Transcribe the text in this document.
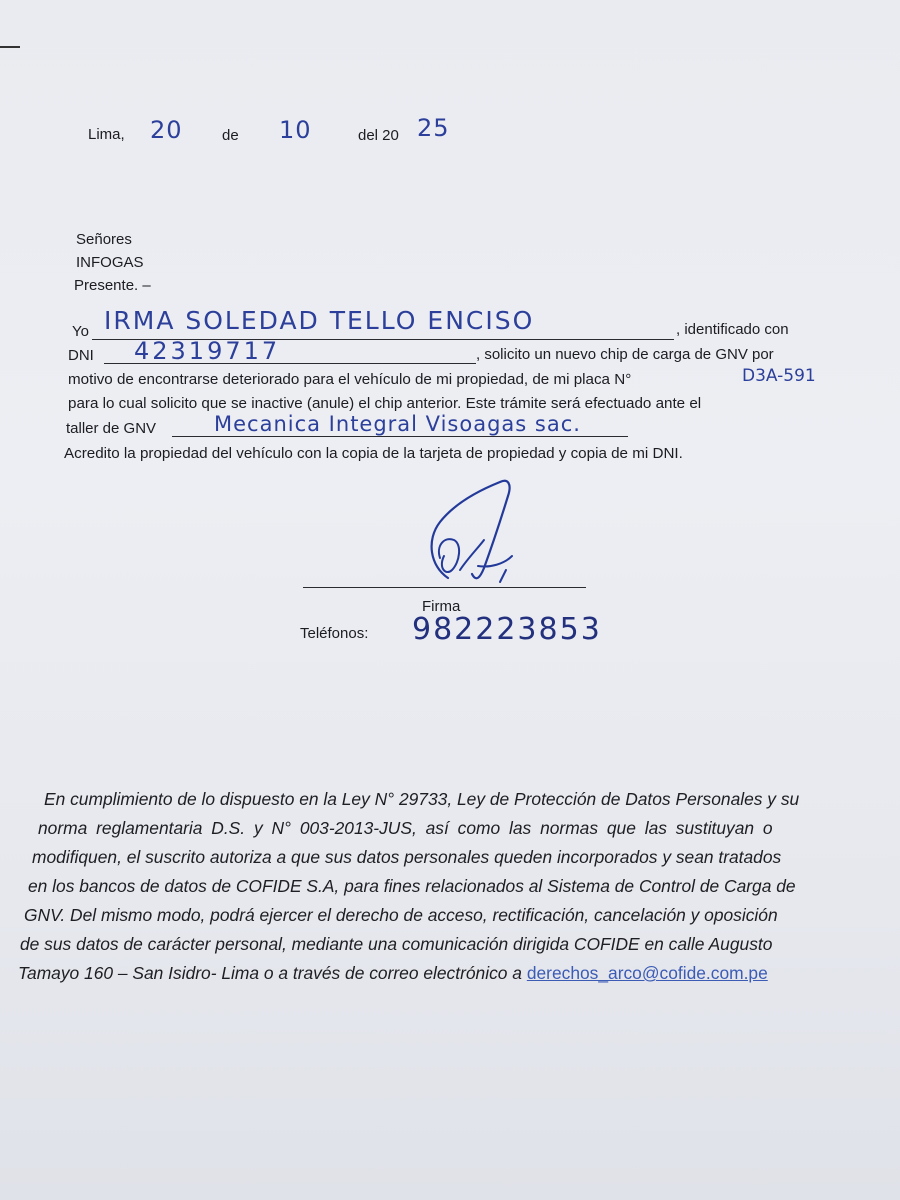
Lima, 20	de 10	del 20 25
Señores
INFOGAS
Presente. –
Yo IRMA SOLEDAD TELLO ENCISO	, identificado con
DNI 42319717	, solicito un nuevo chip de carga de GNV por
motivo de encontrarse deteriorado para el vehículo de mi propiedad, de mi placa N°	D3A-591
para lo cual solicito que se inactive (anule) el chip anterior. Este trámite será efectuado ante el
taller de GNV	Mecanica Integral Visoagas sac.
Acredito la propiedad del vehículo con la copia de la tarjeta de propiedad y copia de mi DNI.
Firma
Teléfonos: 982223853
En cumplimiento de lo dispuesto en la Ley N° 29733, Ley de Protección de Datos Personales y su
norma reglamentaria D.S. y N° 003-2013-JUS, así como las normas que las sustituyan o
modifiquen, el suscrito autoriza a que sus datos personales queden incorporados y sean tratados
en los bancos de datos de COFIDE S.A, para fines relacionados al Sistema de Control de Carga de
GNV. Del mismo modo, podrá ejercer el derecho de acceso, rectificación, cancelación y oposición
de sus datos de carácter personal, mediante una comunicación dirigida COFIDE en calle Augusto
Tamayo 160 – San Isidro- Lima o a través de correo electrónico a derechos_arco@cofide.com.pe
